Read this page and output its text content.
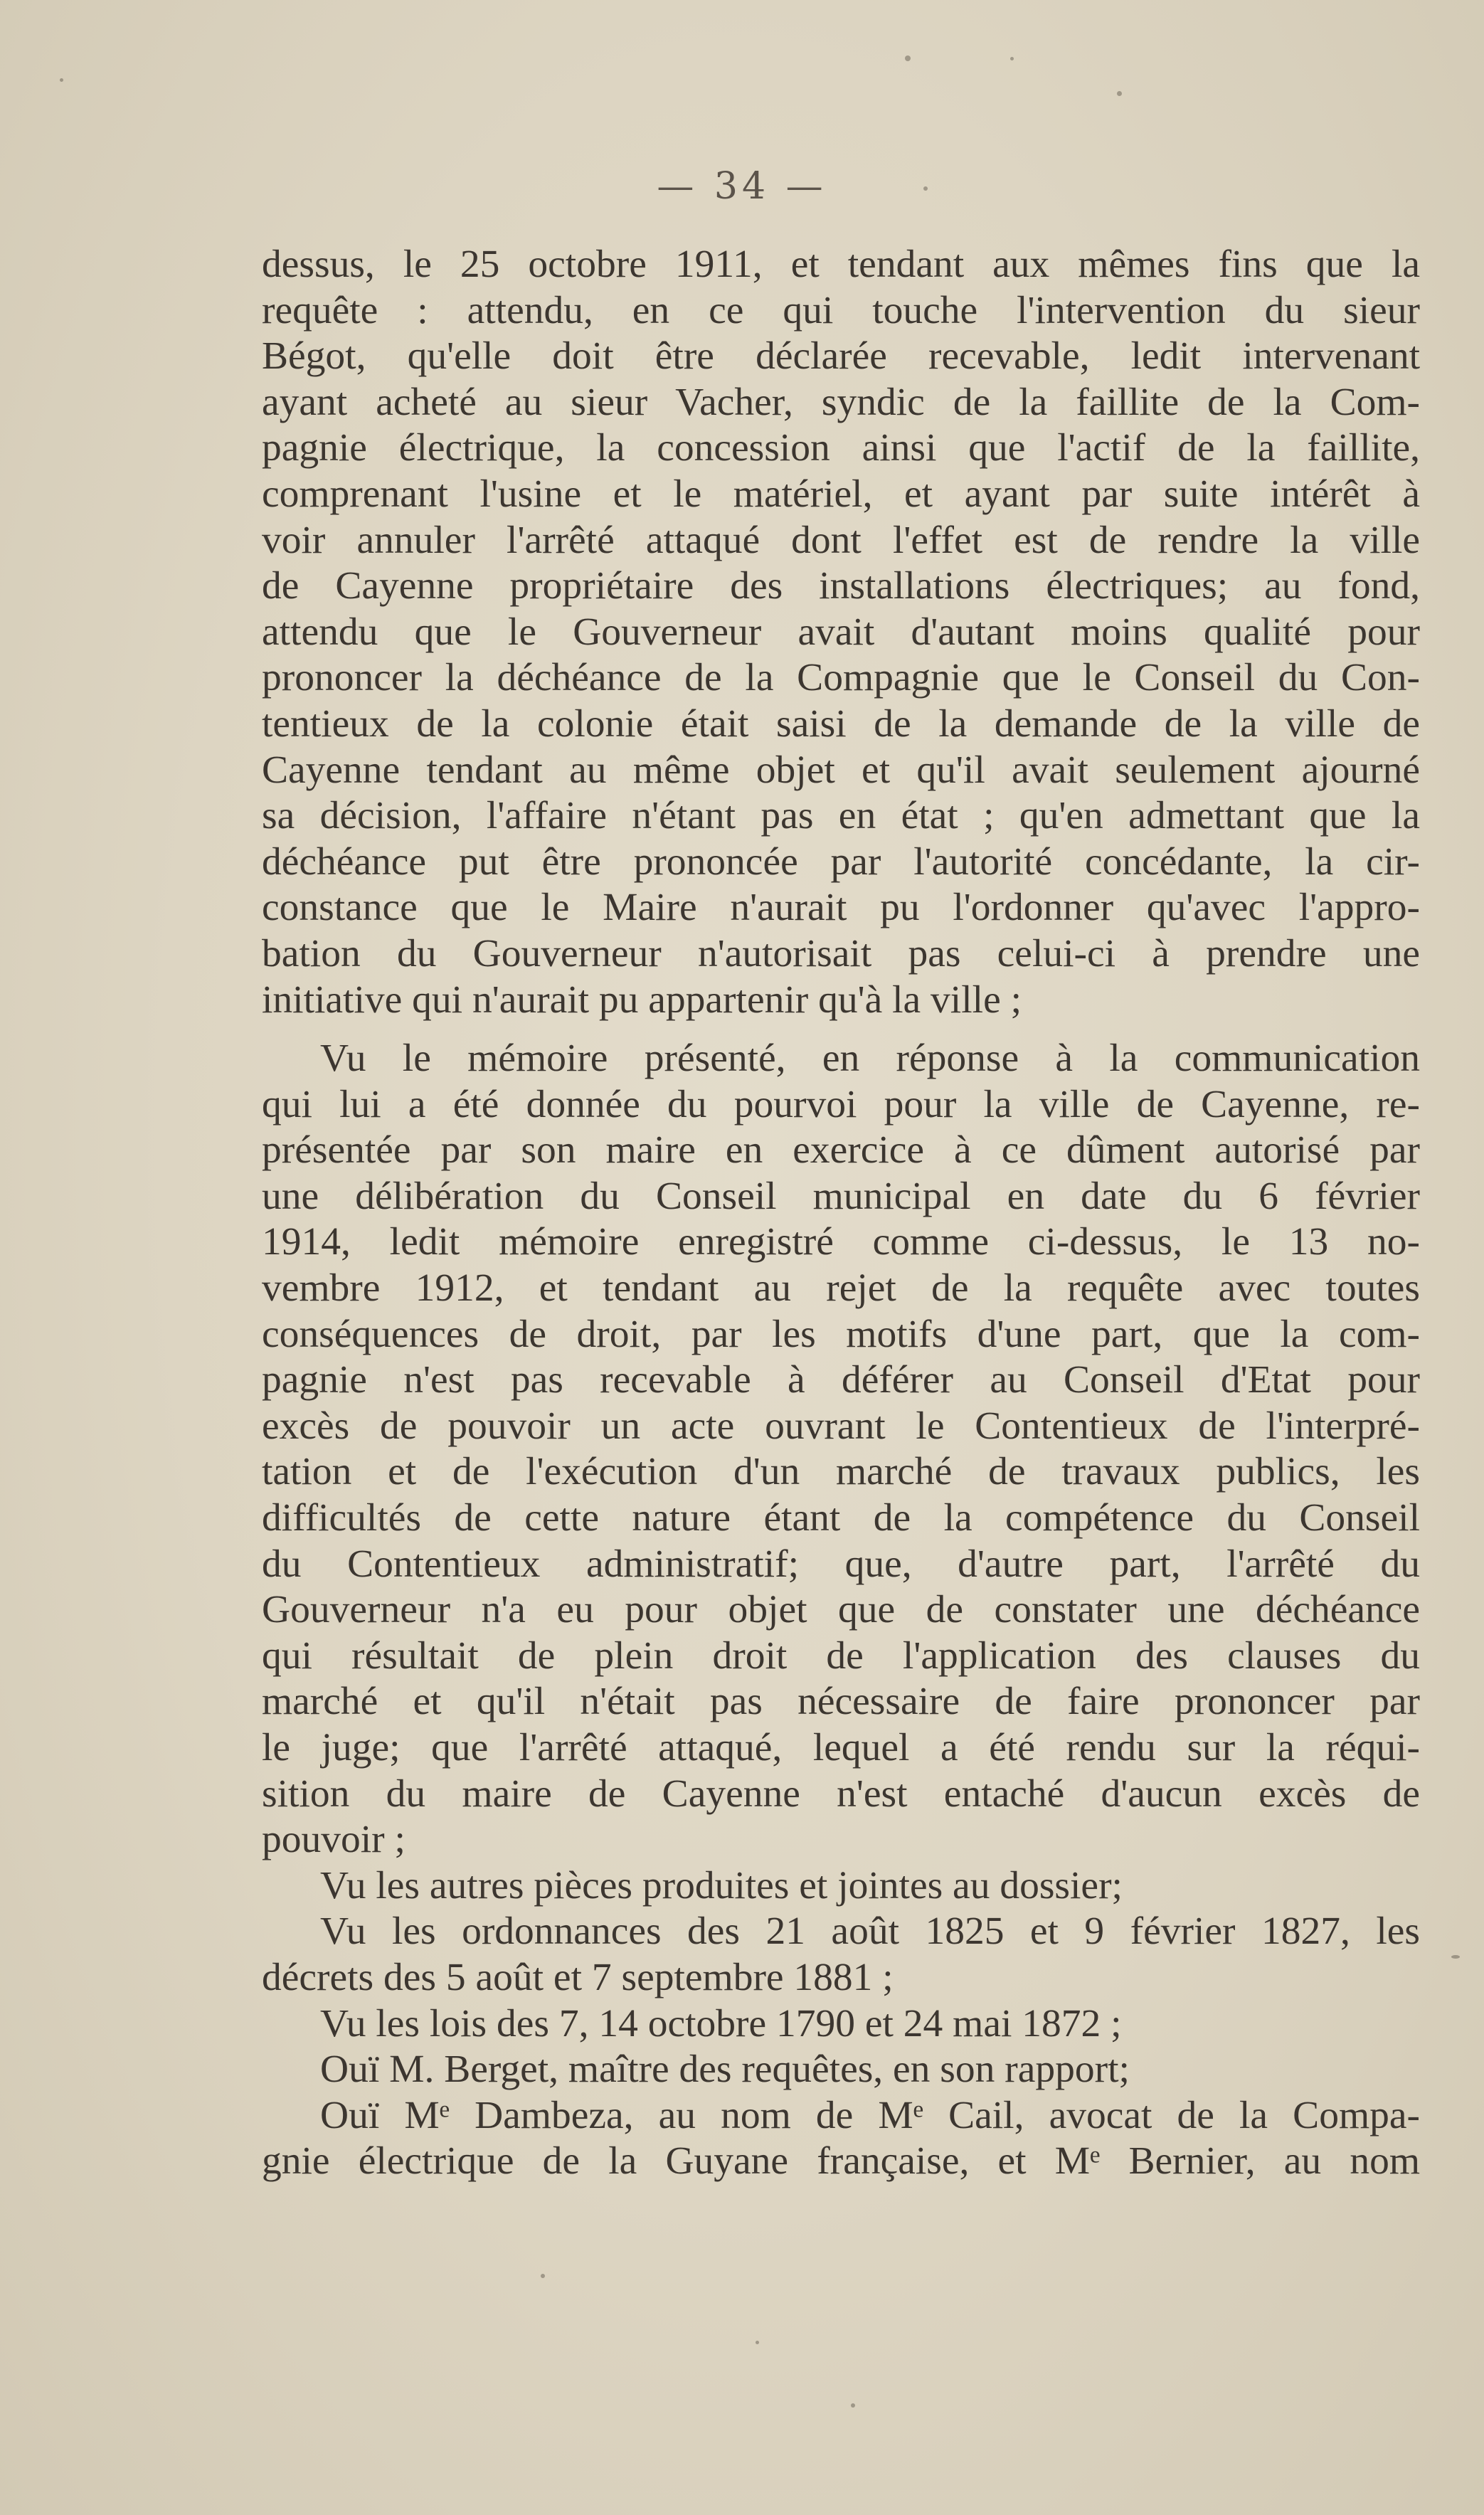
— 34 —
dessus, le 25 octobre 1911, et tendant aux mêmes fins que la
requête : attendu, en ce qui touche l'intervention du sieur
Bégot, qu'elle doit être déclarée recevable, ledit intervenant
ayant acheté au sieur Vacher, syndic de la faillite de la Com-
pagnie électrique, la concession ainsi que l'actif de la faillite,
comprenant l'usine et le matériel, et ayant par suite intérêt à
voir annuler l'arrêté attaqué dont l'effet est de rendre la ville
de Cayenne propriétaire des installations électriques; au fond,
attendu que le Gouverneur avait d'autant moins qualité pour
prononcer la déchéance de la Compagnie que le Conseil du Con-
tentieux de la colonie était saisi de la demande de la ville de
Cayenne tendant au même objet et qu'il avait seulement ajourné
sa décision, l'affaire n'étant pas en état ; qu'en admettant que la
déchéance put être prononcée par l'autorité concédante, la cir-
constance que le Maire n'aurait pu l'ordonner qu'avec l'appro-
bation du Gouverneur n'autorisait pas celui-ci à prendre une
initiative qui n'aurait pu appartenir qu'à la ville ;
Vu le mémoire présenté, en réponse à la communication
qui lui a été donnée du pourvoi pour la ville de Cayenne, re-
présentée par son maire en exercice à ce dûment autorisé par
une délibération du Conseil municipal en date du 6 février
1914, ledit mémoire enregistré comme ci-dessus, le 13 no-
vembre 1912, et tendant au rejet de la requête avec toutes
conséquences de droit, par les motifs d'une part, que la com-
pagnie n'est pas recevable à déférer au Conseil d'Etat pour
excès de pouvoir un acte ouvrant le Contentieux de l'interpré-
tation et de l'exécution d'un marché de travaux publics, les
difficultés de cette nature étant de la compétence du Conseil
du Contentieux administratif; que, d'autre part, l'arrêté du
Gouverneur n'a eu pour objet que de constater une déchéance
qui résultait de plein droit de l'application des clauses du
marché et qu'il n'était pas nécessaire de faire prononcer par
le juge; que l'arrêté attaqué, lequel a été rendu sur la réqui-
sition du maire de Cayenne n'est entaché d'aucun excès de
pouvoir ;
Vu les autres pièces produites et jointes au dossier;
Vu les ordonnances des 21 août 1825 et 9 février 1827, les
décrets des 5 août et 7 septembre 1881 ;
Vu les lois des 7, 14 octobre 1790 et 24 mai 1872 ;
Ouï M. Berget, maître des requêtes, en son rapport;
Ouï Mᵉ Dambeza, au nom de Mᵉ Cail, avocat de la Compa-
gnie électrique de la Guyane française, et Mᵉ Bernier, au nom
